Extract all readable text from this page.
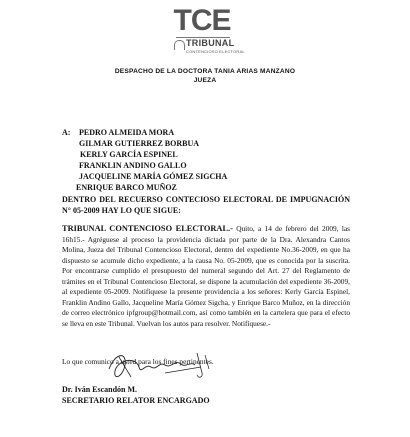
TCE
TRIBUNAL
CONTENCIOSO ELECTORAL
DESPACHO DE LA DOCTORA TANIA ARIAS MANZANO
JUEZA
A: PEDRO ALMEIDA MORA
GILMAR GUTIERREZ BORBUA
KERLY GARCÍA ESPINEL
FRANKLIN ANDINO GALLO
JACQUELINE MARÍA GÓMEZ SIGCHA
ENRIQUE BARCO MUÑOZ
DENTRO DEL RECUERSO CONTECIOSO ELECTORAL DE IMPUGNACIÓN N° 05-2009 HAY LO QUE SIGUE:
TRIBUNAL CONTENCIOSO ELECTORAL.- Quito, a 14 de febrero del 2009, las 16h15.- Agréguese al proceso la providencia dictada por parte de la Dra. Alexandra Cantos Molina, Jueza del Tribunal Contencioso Electoral, dentro del expediente No.36-2009, en que ha dispuesto se acumule dicho expediente, a la causa No. 05-2009, que es conocida por la suscrita. Por encontrarse cumplido el presupuesto del numeral segundo del Art. 27 del Reglamento de trámites en el Tribunal Contencioso Electoral, se dispone la acumulación del expediente 36-2009, al expediente 05-2009. Notifíquese la presente providencia a los señores: Kerly García Espinel, Franklin Andino Gallo, Jacqueline María Gómez Sigcha, y Enrique Barco Muñoz, en la dirección de correo electrónico ipfgroup@hotmail.com, así como también en la cartelera que para el efecto se lleva en este Tribunal. Vuelvan los autos para resolver. Notifíquese.-
Lo que comunico a usted para los fines pertinentes.
Dr. Iván Escandón M.
SECRETARIO RELATOR ENCARGADO
